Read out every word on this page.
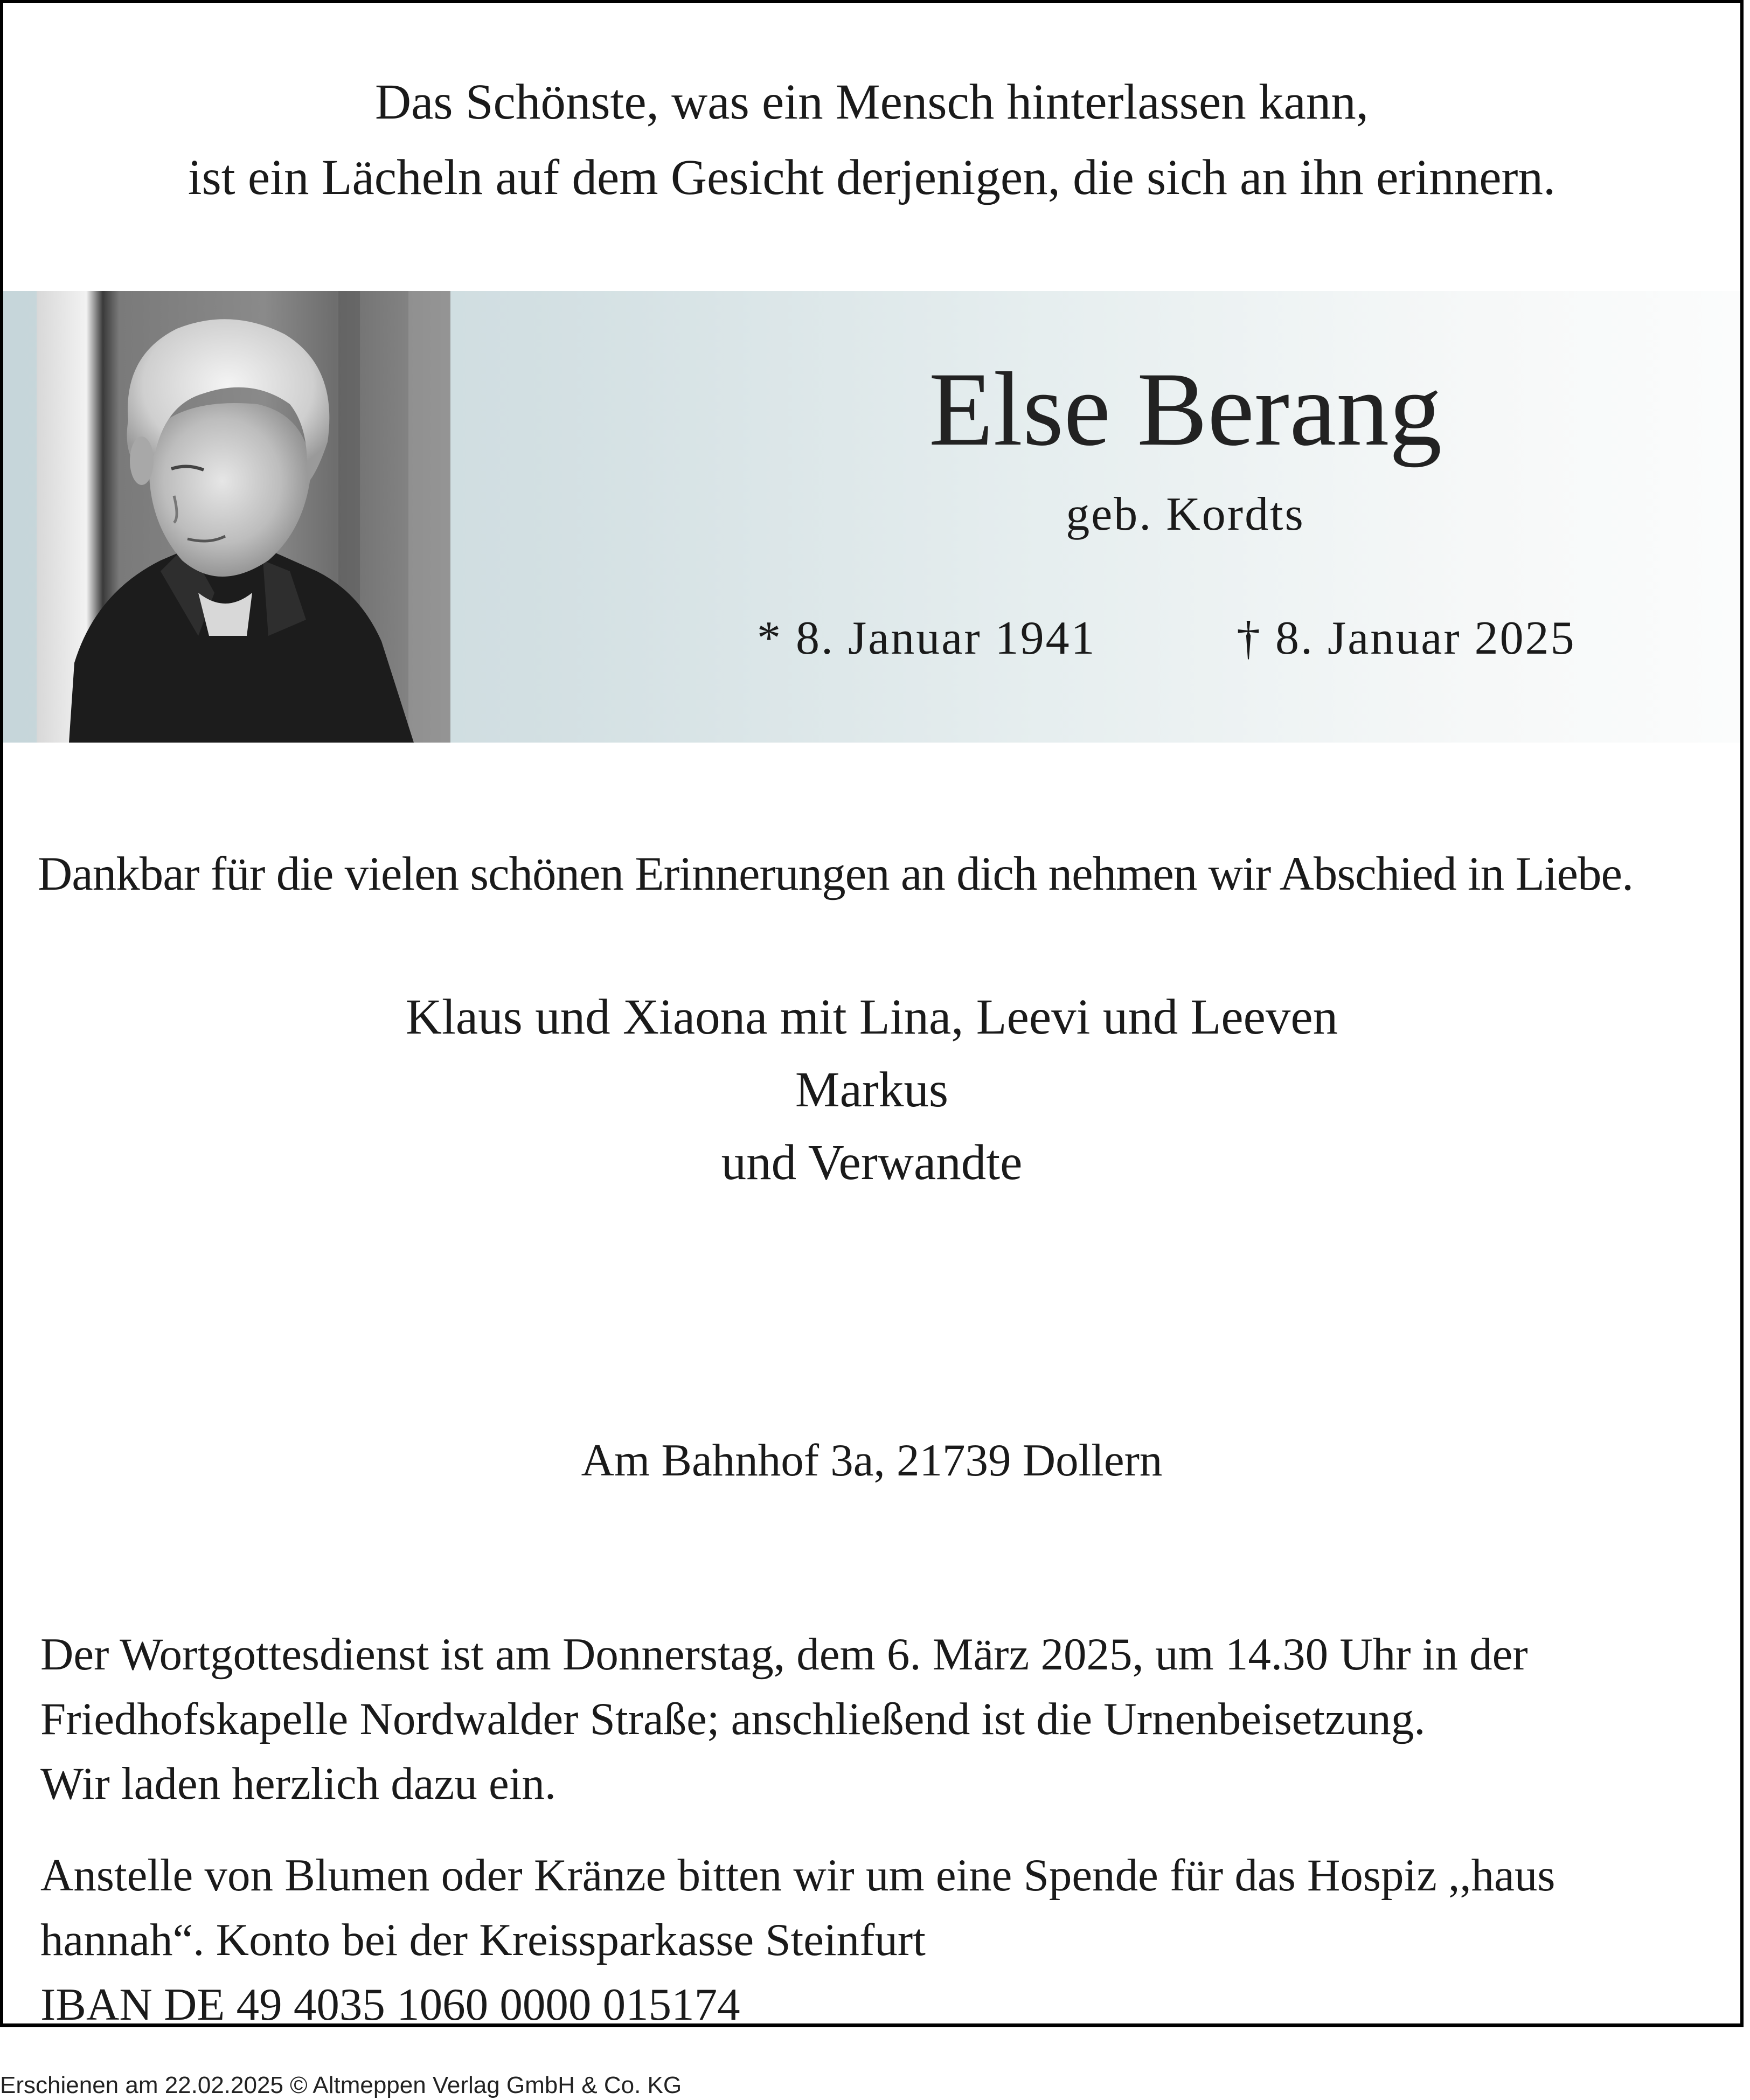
Das Schönste, was ein Mensch hinterlassen kann,
ist ein Lächeln auf dem Gesicht derjenigen, die sich an ihn erinnern.
Else Berang
geb. Kordts
* 8. Januar 1941	† 8. Januar 2025
Dankbar für die vielen schönen Erinnerungen an dich nehmen wir Abschied in Liebe.
Klaus und Xiaona mit Lina, Leevi und Leeven
Markus
und Verwandte
Am Bahnhof 3a, 21739 Dollern
Der Wortgottesdienst ist am Donnerstag, dem 6. März 2025, um 14.30 Uhr in der
Friedhofskapelle Nordwalder Straße; anschließend ist die Urnenbeisetzung.
Wir laden herzlich dazu ein.
Anstelle von Blumen oder Kränze bitten wir um eine Spende für das Hospiz ,,haus
hannah“. Konto bei der Kreissparkasse Steinfurt
IBAN DE 49 4035 1060 0000 015174
Erschienen am 22.02.2025 © Altmeppen Verlag GmbH & Co. KG
